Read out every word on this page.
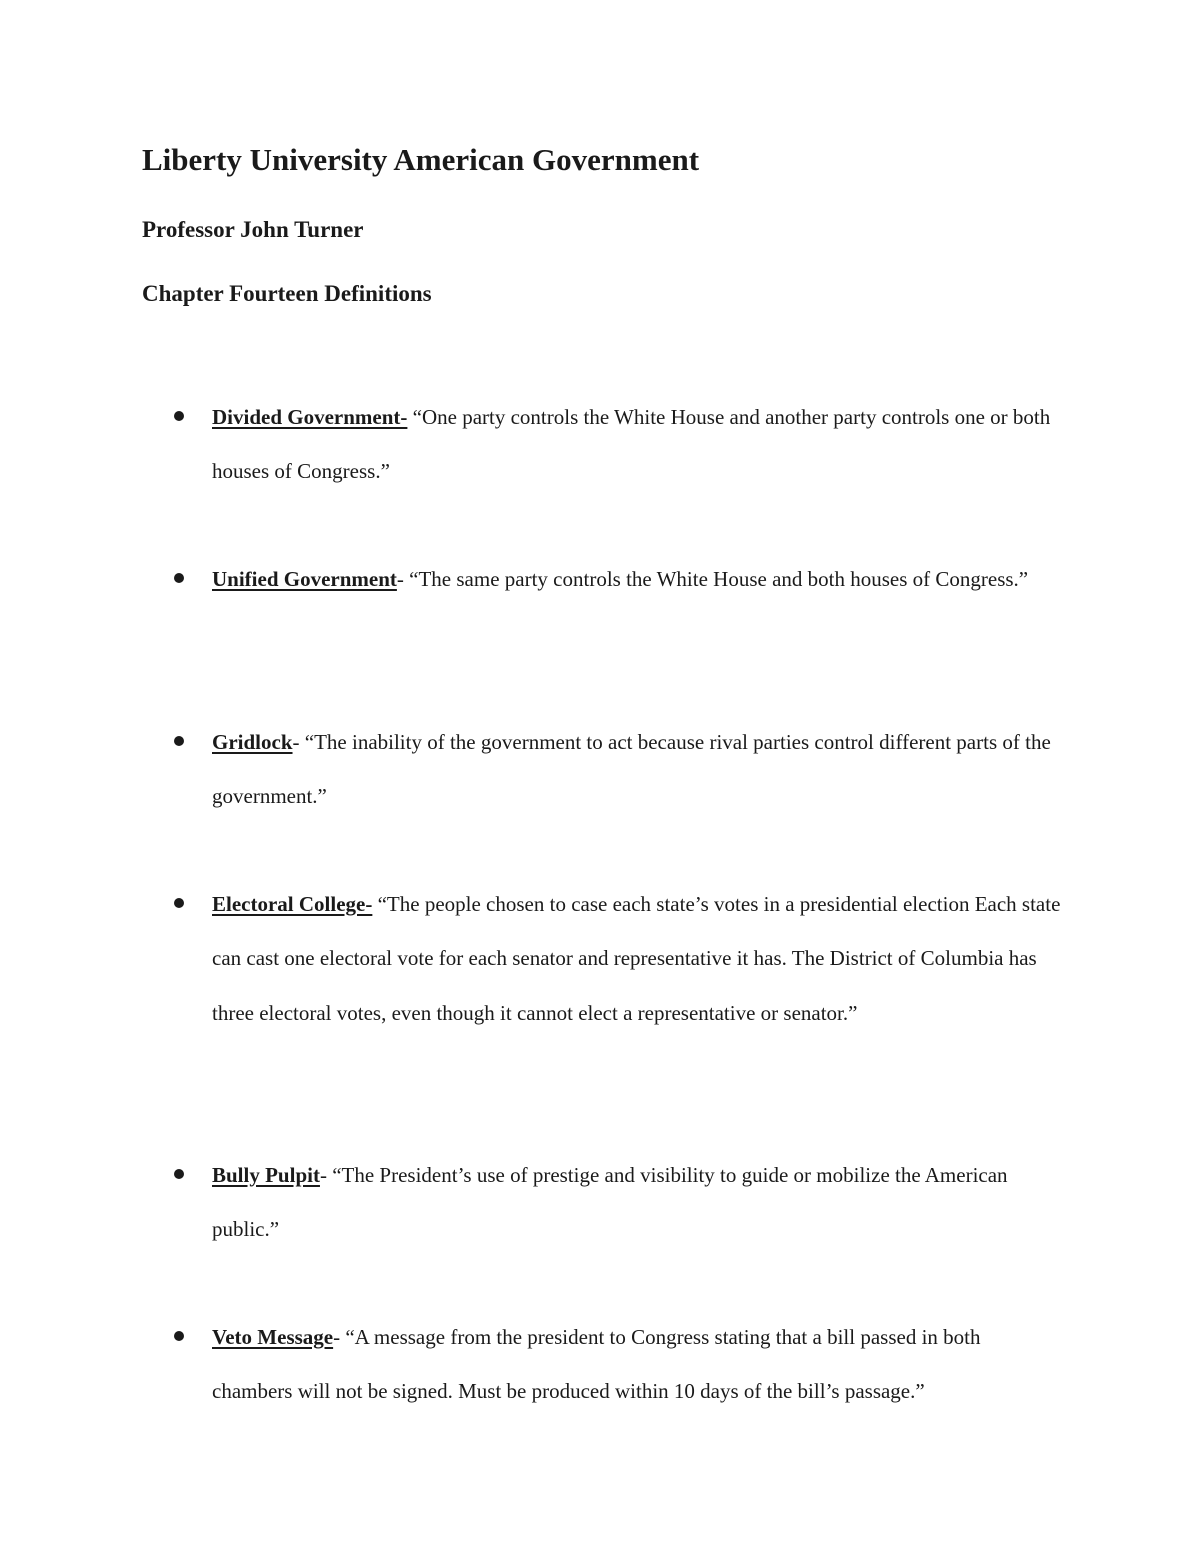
Liberty University American Government
Professor John Turner
Chapter Fourteen Definitions
Divided Government- “One party controls the White House and another party controls one or both houses of Congress.”
Unified Government- “The same party controls the White House and both houses of Congress.”
Gridlock- “The inability of the government to act because rival parties control different parts of the government.”
Electoral College- “The people chosen to case each state’s votes in a presidential election Each state can cast one electoral vote for each senator and representative it has. The District of Columbia has three electoral votes, even though it cannot elect a representative or senator.”
Bully Pulpit- “The President’s use of prestige and visibility to guide or mobilize the American public.”
Veto Message- “A message from the president to Congress stating that a bill passed in both chambers will not be signed. Must be produced within 10 days of the bill’s passage.”
